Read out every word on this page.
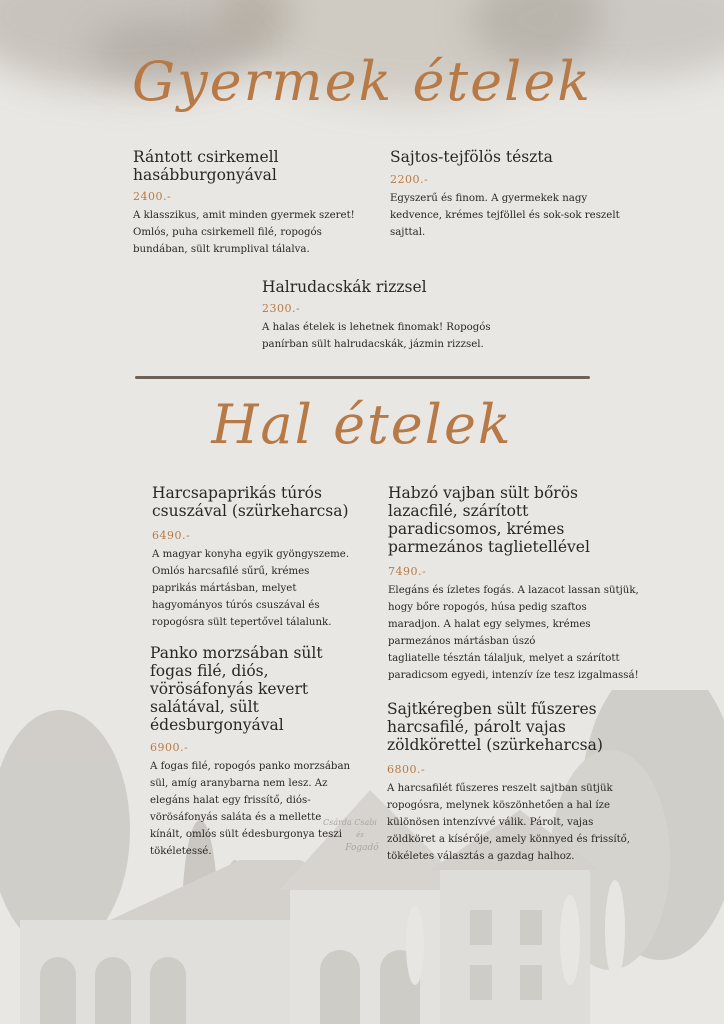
Csárda Csabi
és
Fogadó
Gyermek ételek
Rántott csirkemell
hasábburgonyával
2400.-

A klasszikus, amit minden gyermek szeret!
Omlós, puha csirkemell filé, ropogós
bundában, sült krumplival tálalva.

Sajtos-tejfölös tészta
2200.-

Egyszerű és finom. A gyermekek nagy
kedvence, krémes tejföllel és sok-sok reszelt
sajttal.

Halrudacskák rizzsel
2300.-

A halas ételek is lehetnek finomak! Ropogós
panírban sült halrudacskák, jázmin rizzsel.

Hal ételek
Harcsapaprikás túrós
csuszával (szürkeharcsa)
6490.-

A magyar konyha egyik gyöngyszeme.
Omlós harcsafilé sűrű, krémes
paprikás mártásban, melyet
hagyományos túrós csuszával és
ropogósra sült tepertővel tálalunk.

Habzó vajban sült bőrös
lazacfilé, szárított
paradicsomos, krémes
parmezános taglietellével
7490.-

Elegáns és ízletes fogás. A lazacot lassan sütjük,
hogy bőre ropogós, húsa pedig szaftos
maradjon. A halat egy selymes, krémes
parmezános mártásban úszó
tagliatelle tésztán tálaljuk, melyet a szárított
paradicsom egyedi, intenzív íze tesz izgalmassá!

Panko morzsában sült
fogas filé, diós,
vörösáfonyás kevert
salátával, sült
édesburgonyával
6900.-

A fogas filé, ropogós panko morzsában
sül, amíg aranybarna nem lesz. Az
elegáns halat egy frissítő, diós-
vörösáfonyás saláta és a mellette
kínált, omlós sült édesburgonya teszi
tökéletessé.

Sajtkéregben sült fűszeres
harcsafilé, párolt vajas
zöldkörettel (szürkeharcsa)
6800.-

A harcsafilét fűszeres reszelt sajtban sütjük
ropogósra, melynek köszönhetően a hal íze
különösen intenzívvé válik. Párolt, vajas
zöldköret a kísérője, amely könnyed és frissítő,
tökéletes választás a gazdag halhoz.
